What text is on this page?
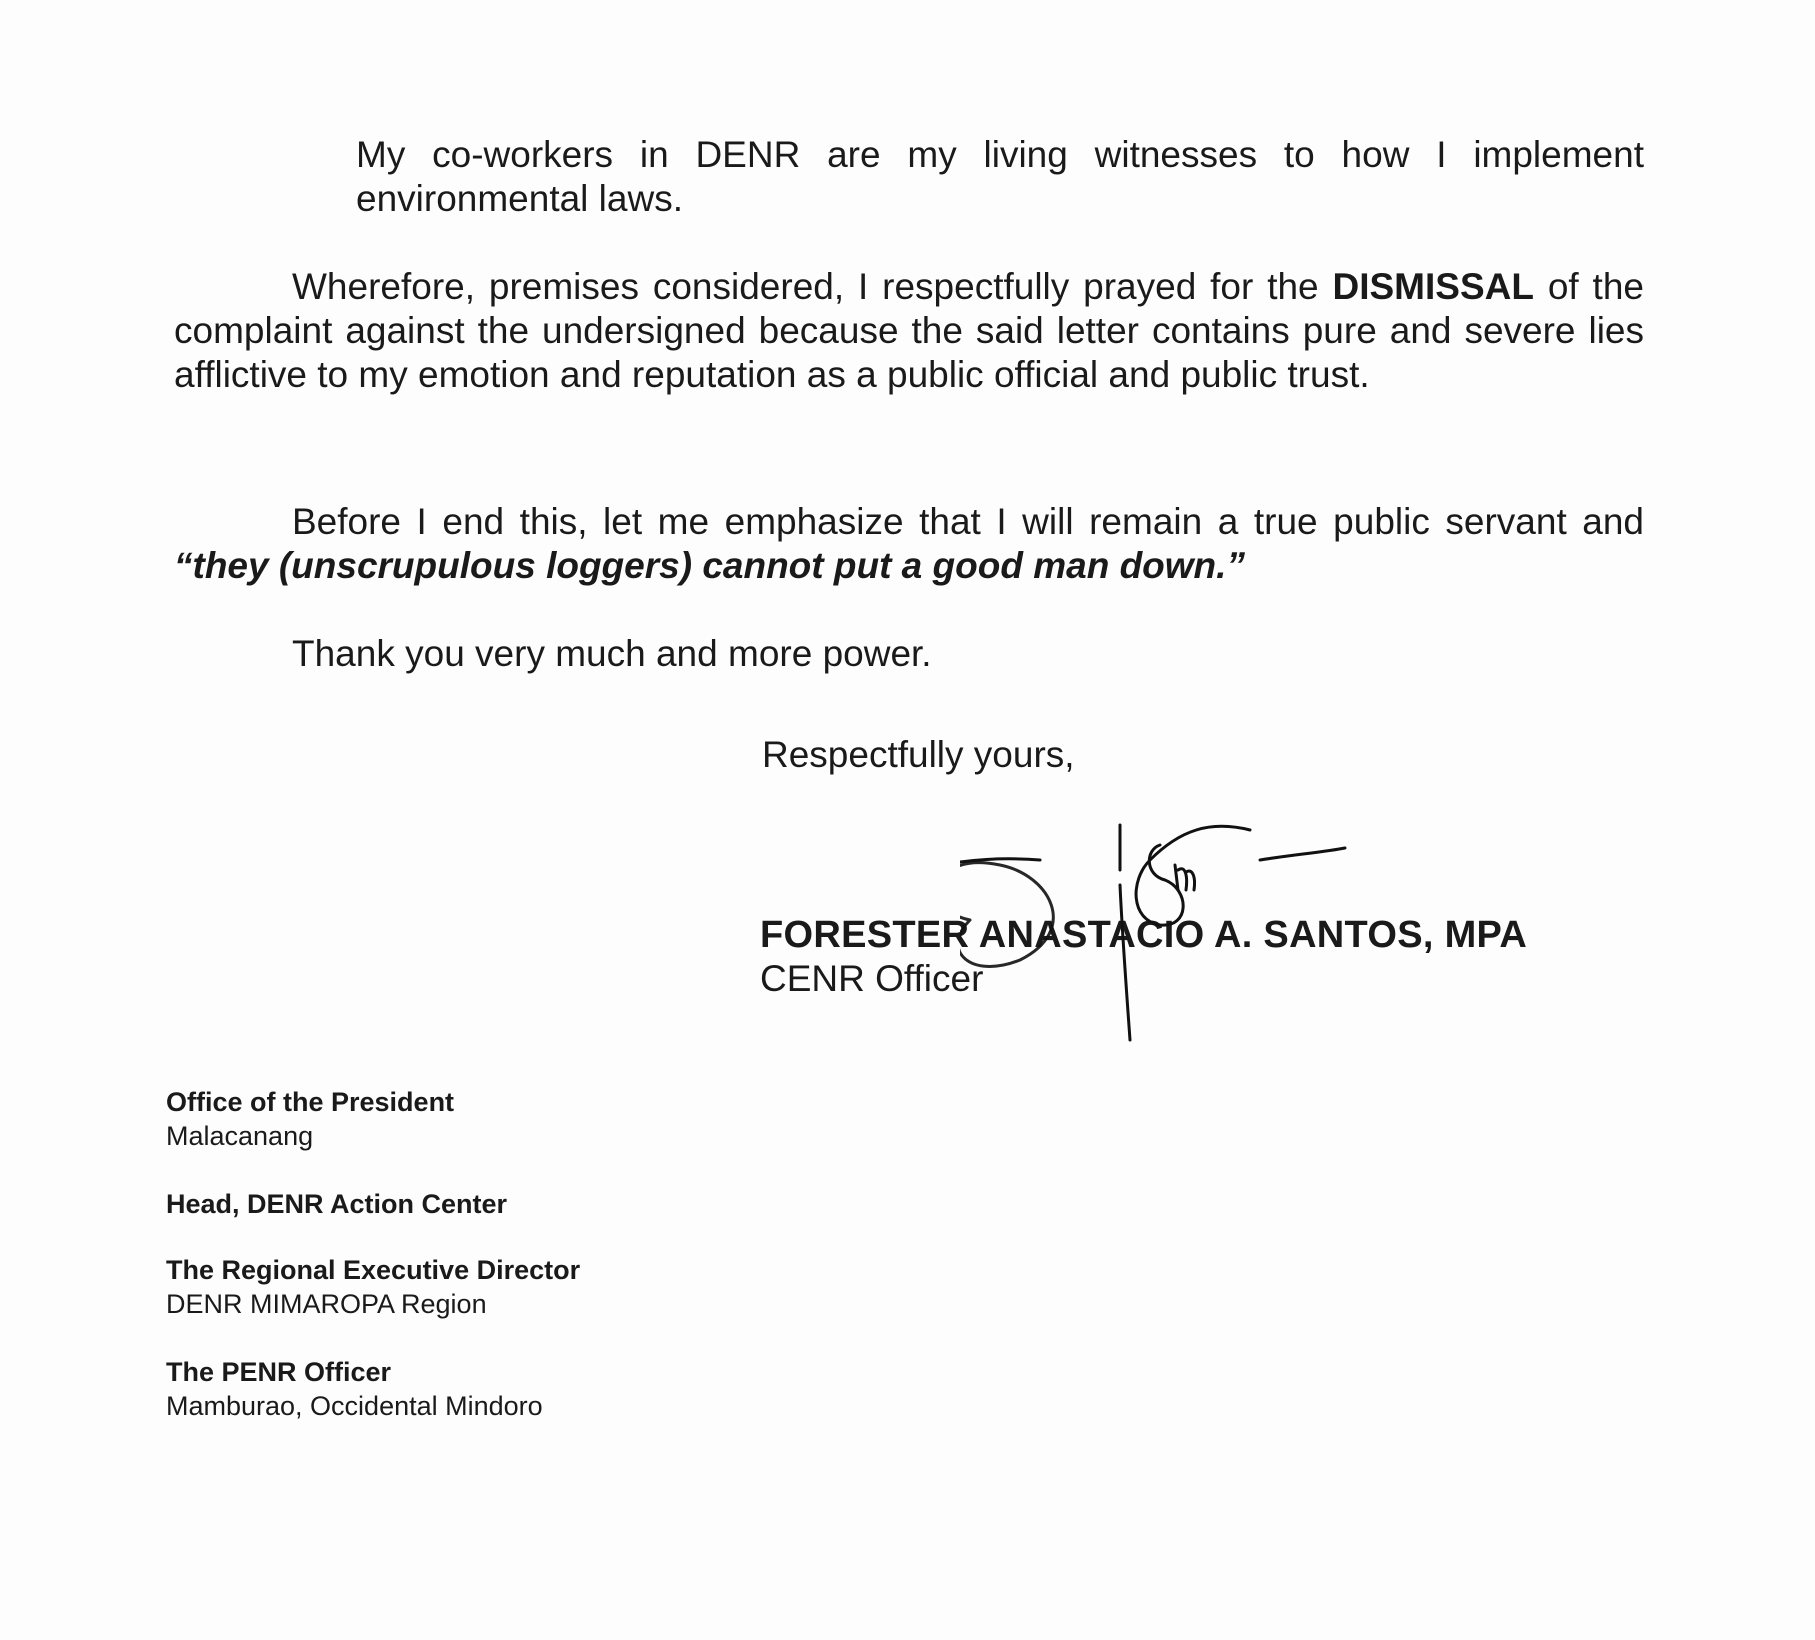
My co-workers in DENR are my living witnesses to how I implement environmental laws.

Wherefore, premises considered, I respectfully prayed for the DISMISSAL of the complaint against the undersigned because the said letter contains pure and severe lies afflictive to my emotion and reputation as a public official and public trust.

Before I end this, let me emphasize that I will remain a true public servant and “they (unscrupulous loggers) cannot put a good man down.”

Thank you very much and more power.

Respectfully yours,

FORESTER ANASTACIO A. SANTOS, MPA

CENR Officer

Office of the President
Malacanang
Head, DENR Action Center
The Regional Executive Director
DENR MIMAROPA Region
The PENR Officer
Mamburao, Occidental Mindoro
